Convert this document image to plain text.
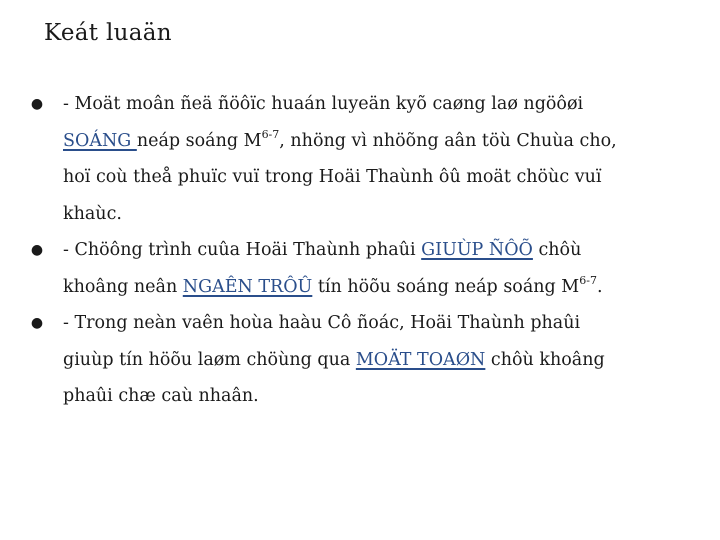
Keát luaän
● - Moät moân ñeä ñöôïc huaán luyeän kyõ caøng laø ngöôøi
SOÁNG neáp soáng $M^{6-7}$, nhöng vì nhöõng aân töù Chuùa cho,
hoï coù theå phuïc vuï trong Hoäi Thaùnh ôû moät chöùc vuï
khaùc.
● - Chöông trình cuûa Hoäi Thaùnh phaûi GIUÙP ÑÔÕ chôù
khoâng neân NGAÊN TRÔÛ tín höõu soáng neáp soáng $M^{6-7}$.
● - Trong neàn vaên hoùa haàu Cô ñoác, Hoäi Thaùnh phaûi
giuùp tín höõu laøm chöùng qua MOÄT TOAØN chôù khoâng
phaûi chæ caù nhaân.
